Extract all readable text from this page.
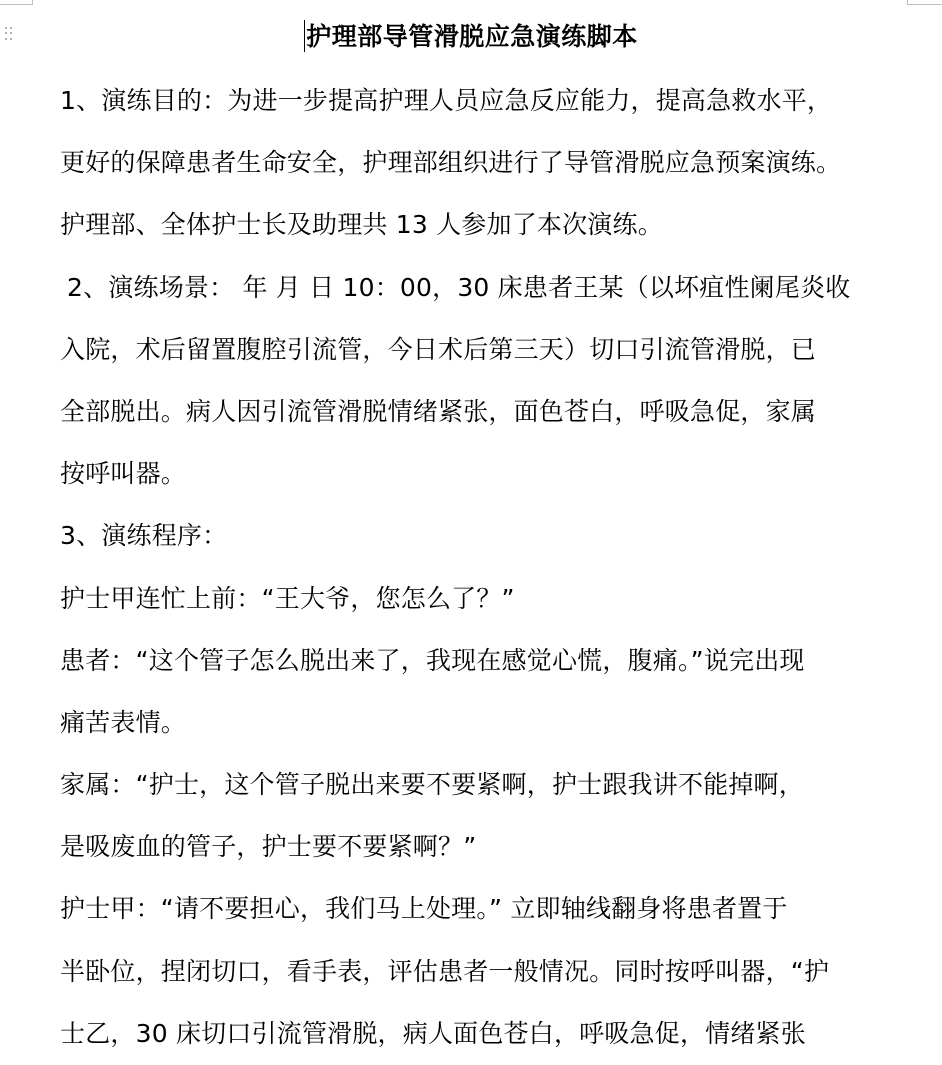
护理部导管滑脱应急演练脚本
1、演练目的：为进一步提高护理人员应急反应能力，提高急救水平，
更好的保障患者生命安全，护理部组织进行了导管滑脱应急预案演练。
护理部、全体护士长及助理共 13 人参加了本次演练。
2、演练场景： 年 月 日 10：00，30 床患者王某（以坏疽性阑尾炎收
入院，术后留置腹腔引流管，今日术后第三天）切口引流管滑脱，已
全部脱出。病人因引流管滑脱情绪紧张，面色苍白，呼吸急促，家属
按呼叫器。
3、演练程序：
护士甲连忙上前：“王大爷，您怎么了？”
患者：“这个管子怎么脱出来了，我现在感觉心慌，腹痛。”说完出现
痛苦表情。
家属：“护士，这个管子脱出来要不要紧啊，护士跟我讲不能掉啊，
是吸废血的管子，护士要不要紧啊？”
护士甲：“请不要担心，我们马上处理。” 立即轴线翻身将患者置于
半卧位，捏闭切口，看手表，评估患者一般情况。同时按呼叫器，“护
士乙，30 床切口引流管滑脱，病人面色苍白，呼吸急促，情绪紧张
